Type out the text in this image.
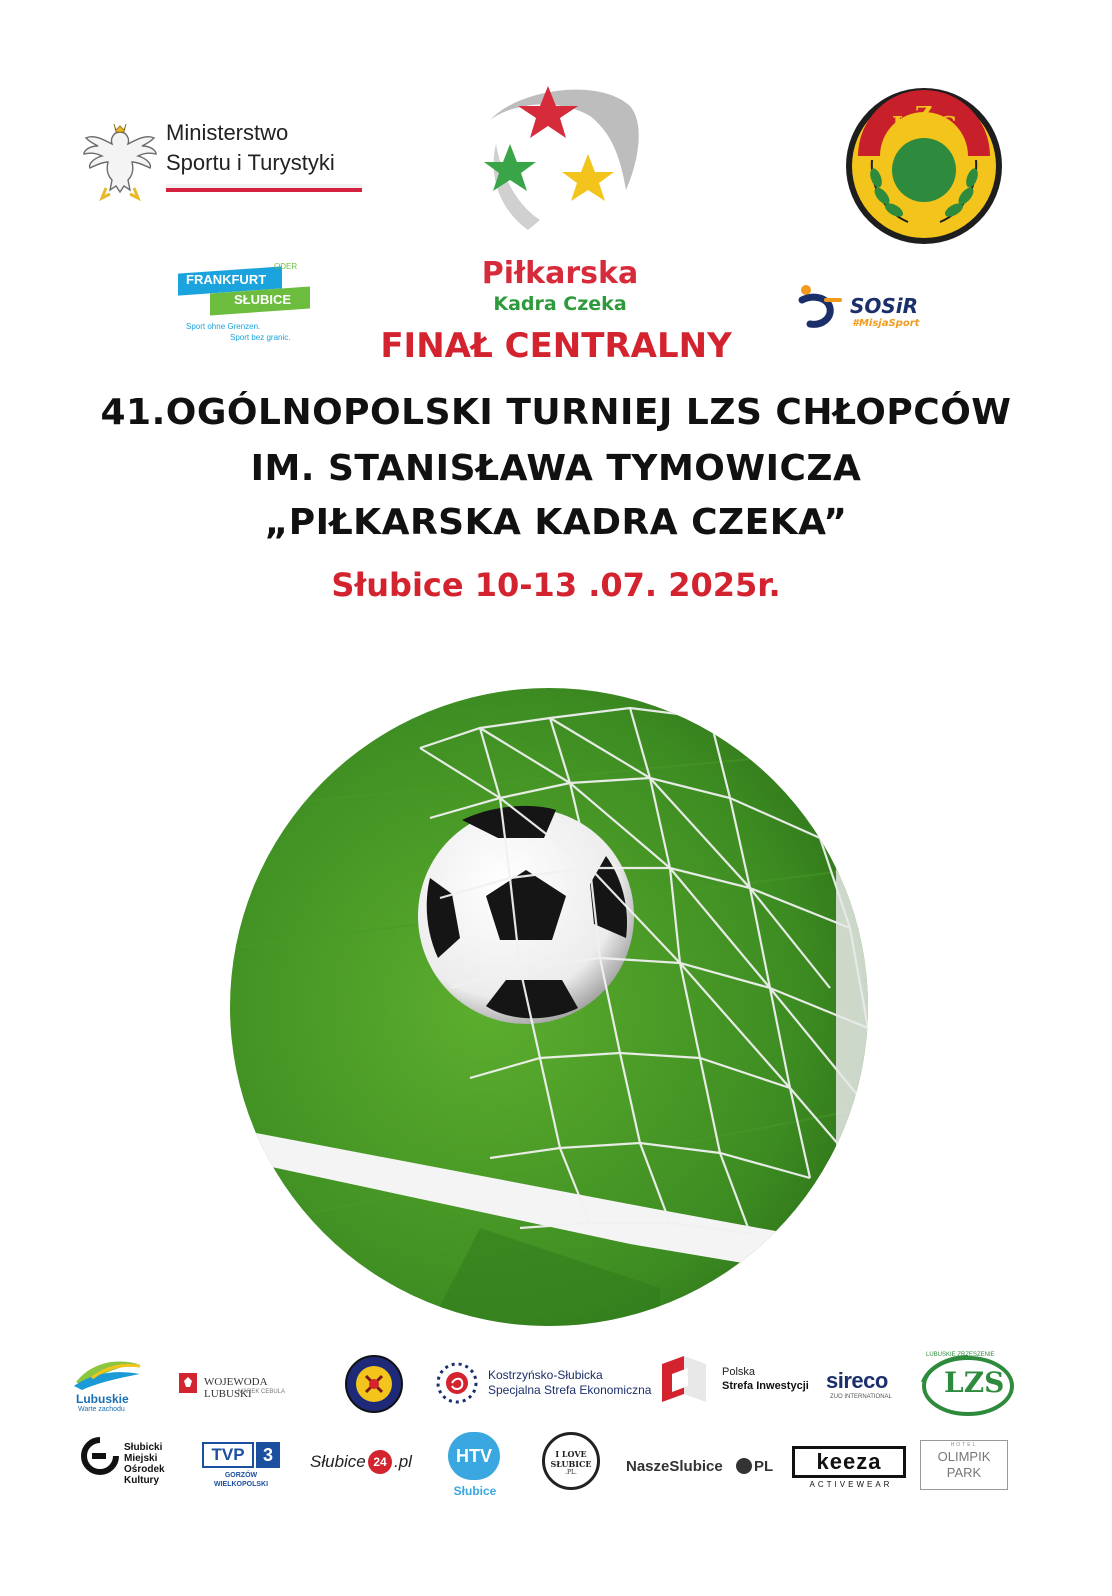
Ministerstwo
Sportu i Turystyki
Piłkarska
Kadra Czeka
L Z S
ODER
FRANKFURT
SŁUBICE
Sport ohne Grenzen.
Sport bez granic.
SOSiR
#MisjaSport
FINAŁ CENTRALNY
41.OGÓLNOPOLSKI TURNIEJ LZS CHŁOPCÓW
IM. STANISŁAWA TYMOWICZA
„PIŁKARSKA KADRA CZEKA”
Słubice 10-13 .07. 2025r.
Lubuskie
Warte zachodu
WOJEWODA LUBUSKI
MAREK CEBULA
Kostrzyńsko-Słubicka
Specjalna Strefa Ekonomiczna
Polska
Strefa Inwestycji sireco
ZUO INTERNATIONAL LZS
LUBUSKIE ZRZESZENIE
Słubicki
Miejski
Ośrodek
Kultury
TVP	3
GORZÓW
WIELKOPOLSKI
Słubice 24 .pl	HTV
Słubice
I LOVE
SŁUBICE
.PL.	NaszeSlubice PL	keeza
ACTIVEWEAR
HOTEL
OLIMPIK
PARK
